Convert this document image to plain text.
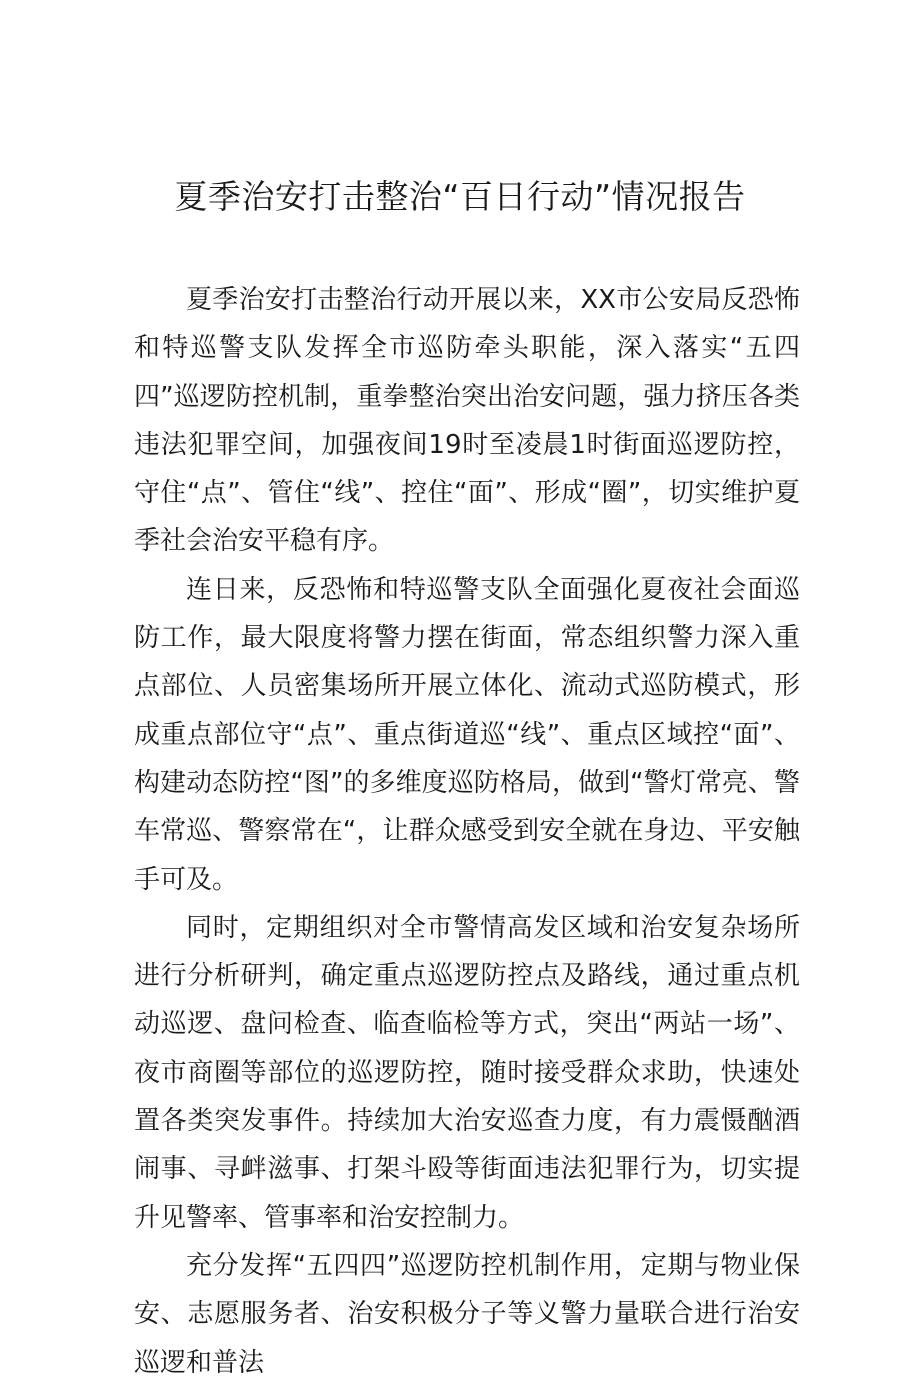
夏季治安打击整治“百日行动”情况报告

夏季治安打击整治行动开展以来，XX市公安局反恐怖和特巡警支队发挥全市巡防牵头职能，深入落实“五四四”巡逻防控机制，重拳整治突出治安问题，强力挤压各类违法犯罪空间，加强夜间19时至凌晨1时街面巡逻防控，守住“点”、管住“线”、控住“面”、形成“圈”，切实维护夏季社会治安平稳有序。

连日来，反恐怖和特巡警支队全面强化夏夜社会面巡防工作，最大限度将警力摆在街面，常态组织警力深入重点部位、人员密集场所开展立体化、流动式巡防模式，形成重点部位守“点”、重点街道巡“线”、重点区域控“面”、构建动态防控“图”的多维度巡防格局，做到“警灯常亮、警车常巡、警察常在“，让群众感受到安全就在身边、平安触手可及。

同时，定期组织对全市警情高发区域和治安复杂场所进行分析研判，确定重点巡逻防控点及路线，通过重点机动巡逻、盘问检查、临查临检等方式，突出“两站一场”、夜市商圈等部位的巡逻防控，随时接受群众求助，快速处置各类突发事件。持续加大治安巡查力度，有力震慑酗酒闹事、寻衅滋事、打架斗殴等街面违法犯罪行为，切实提升见警率、管事率和治安控制力。

充分发挥“五四四”巡逻防控机制作用，定期与物业保安、志愿服务者、治安积极分子等义警力量联合进行治安巡逻和普法
